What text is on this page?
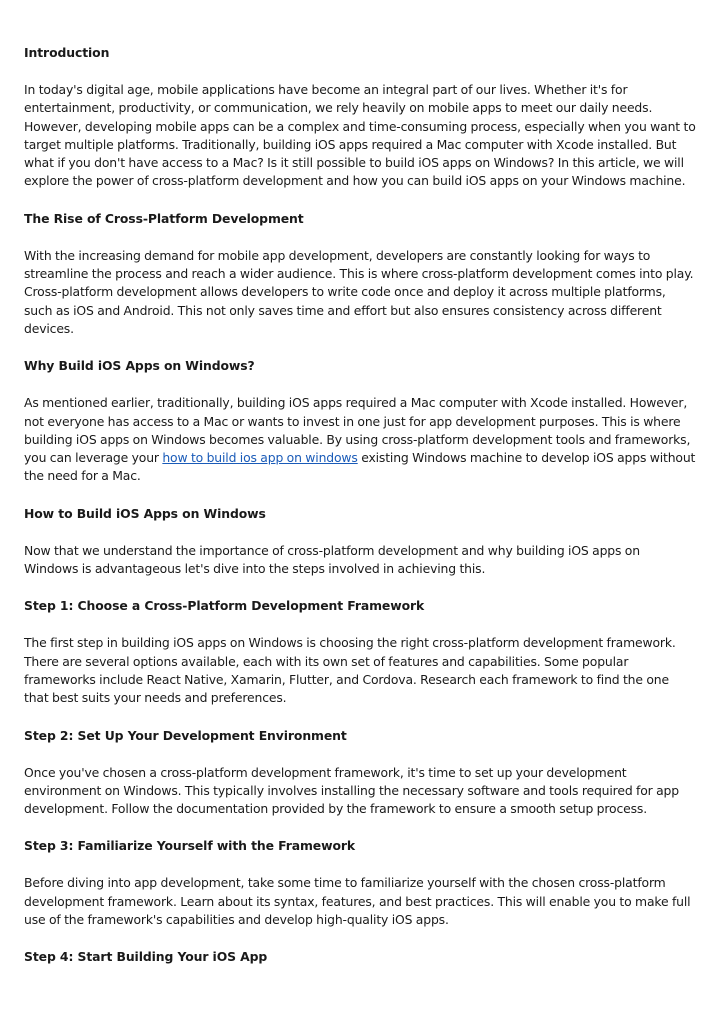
Introduction

In today's digital age, mobile applications have become an integral part of our lives. Whether it's for entertainment, productivity, or communication, we rely heavily on mobile apps to meet our daily needs. However, developing mobile apps can be a complex and time-consuming process, especially when you want to target multiple platforms. Traditionally, building iOS apps required a Mac computer with Xcode installed. But what if you don't have access to a Mac? Is it still possible to build iOS apps on Windows? In this article, we will explore the power of cross-platform development and how you can build iOS apps on your Windows machine.

The Rise of Cross-Platform Development

With the increasing demand for mobile app development, developers are constantly looking for ways to streamline the process and reach a wider audience. This is where cross-platform development comes into play. Cross-platform development allows developers to write code once and deploy it across multiple platforms, such as iOS and Android. This not only saves time and effort but also ensures consistency across different devices.

Why Build iOS Apps on Windows?

As mentioned earlier, traditionally, building iOS apps required a Mac computer with Xcode installed. However, not everyone has access to a Mac or wants to invest in one just for app development purposes. This is where building iOS apps on Windows becomes valuable. By using cross-platform development tools and frameworks, you can leverage your how to build ios app on windows existing Windows machine to develop iOS apps without the need for a Mac.

How to Build iOS Apps on Windows

Now that we understand the importance of cross-platform development and why building iOS apps on Windows is advantageous let's dive into the steps involved in achieving this.

Step 1: Choose a Cross-Platform Development Framework

The first step in building iOS apps on Windows is choosing the right cross-platform development framework. There are several options available, each with its own set of features and capabilities. Some popular frameworks include React Native, Xamarin, Flutter, and Cordova. Research each framework to find the one that best suits your needs and preferences.

Step 2: Set Up Your Development Environment

Once you've chosen a cross-platform development framework, it's time to set up your development environment on Windows. This typically involves installing the necessary software and tools required for app development. Follow the documentation provided by the framework to ensure a smooth setup process.

Step 3: Familiarize Yourself with the Framework

Before diving into app development, take some time to familiarize yourself with the chosen cross-platform development framework. Learn about its syntax, features, and best practices. This will enable you to make full use of the framework's capabilities and develop high-quality iOS apps.

Step 4: Start Building Your iOS App
